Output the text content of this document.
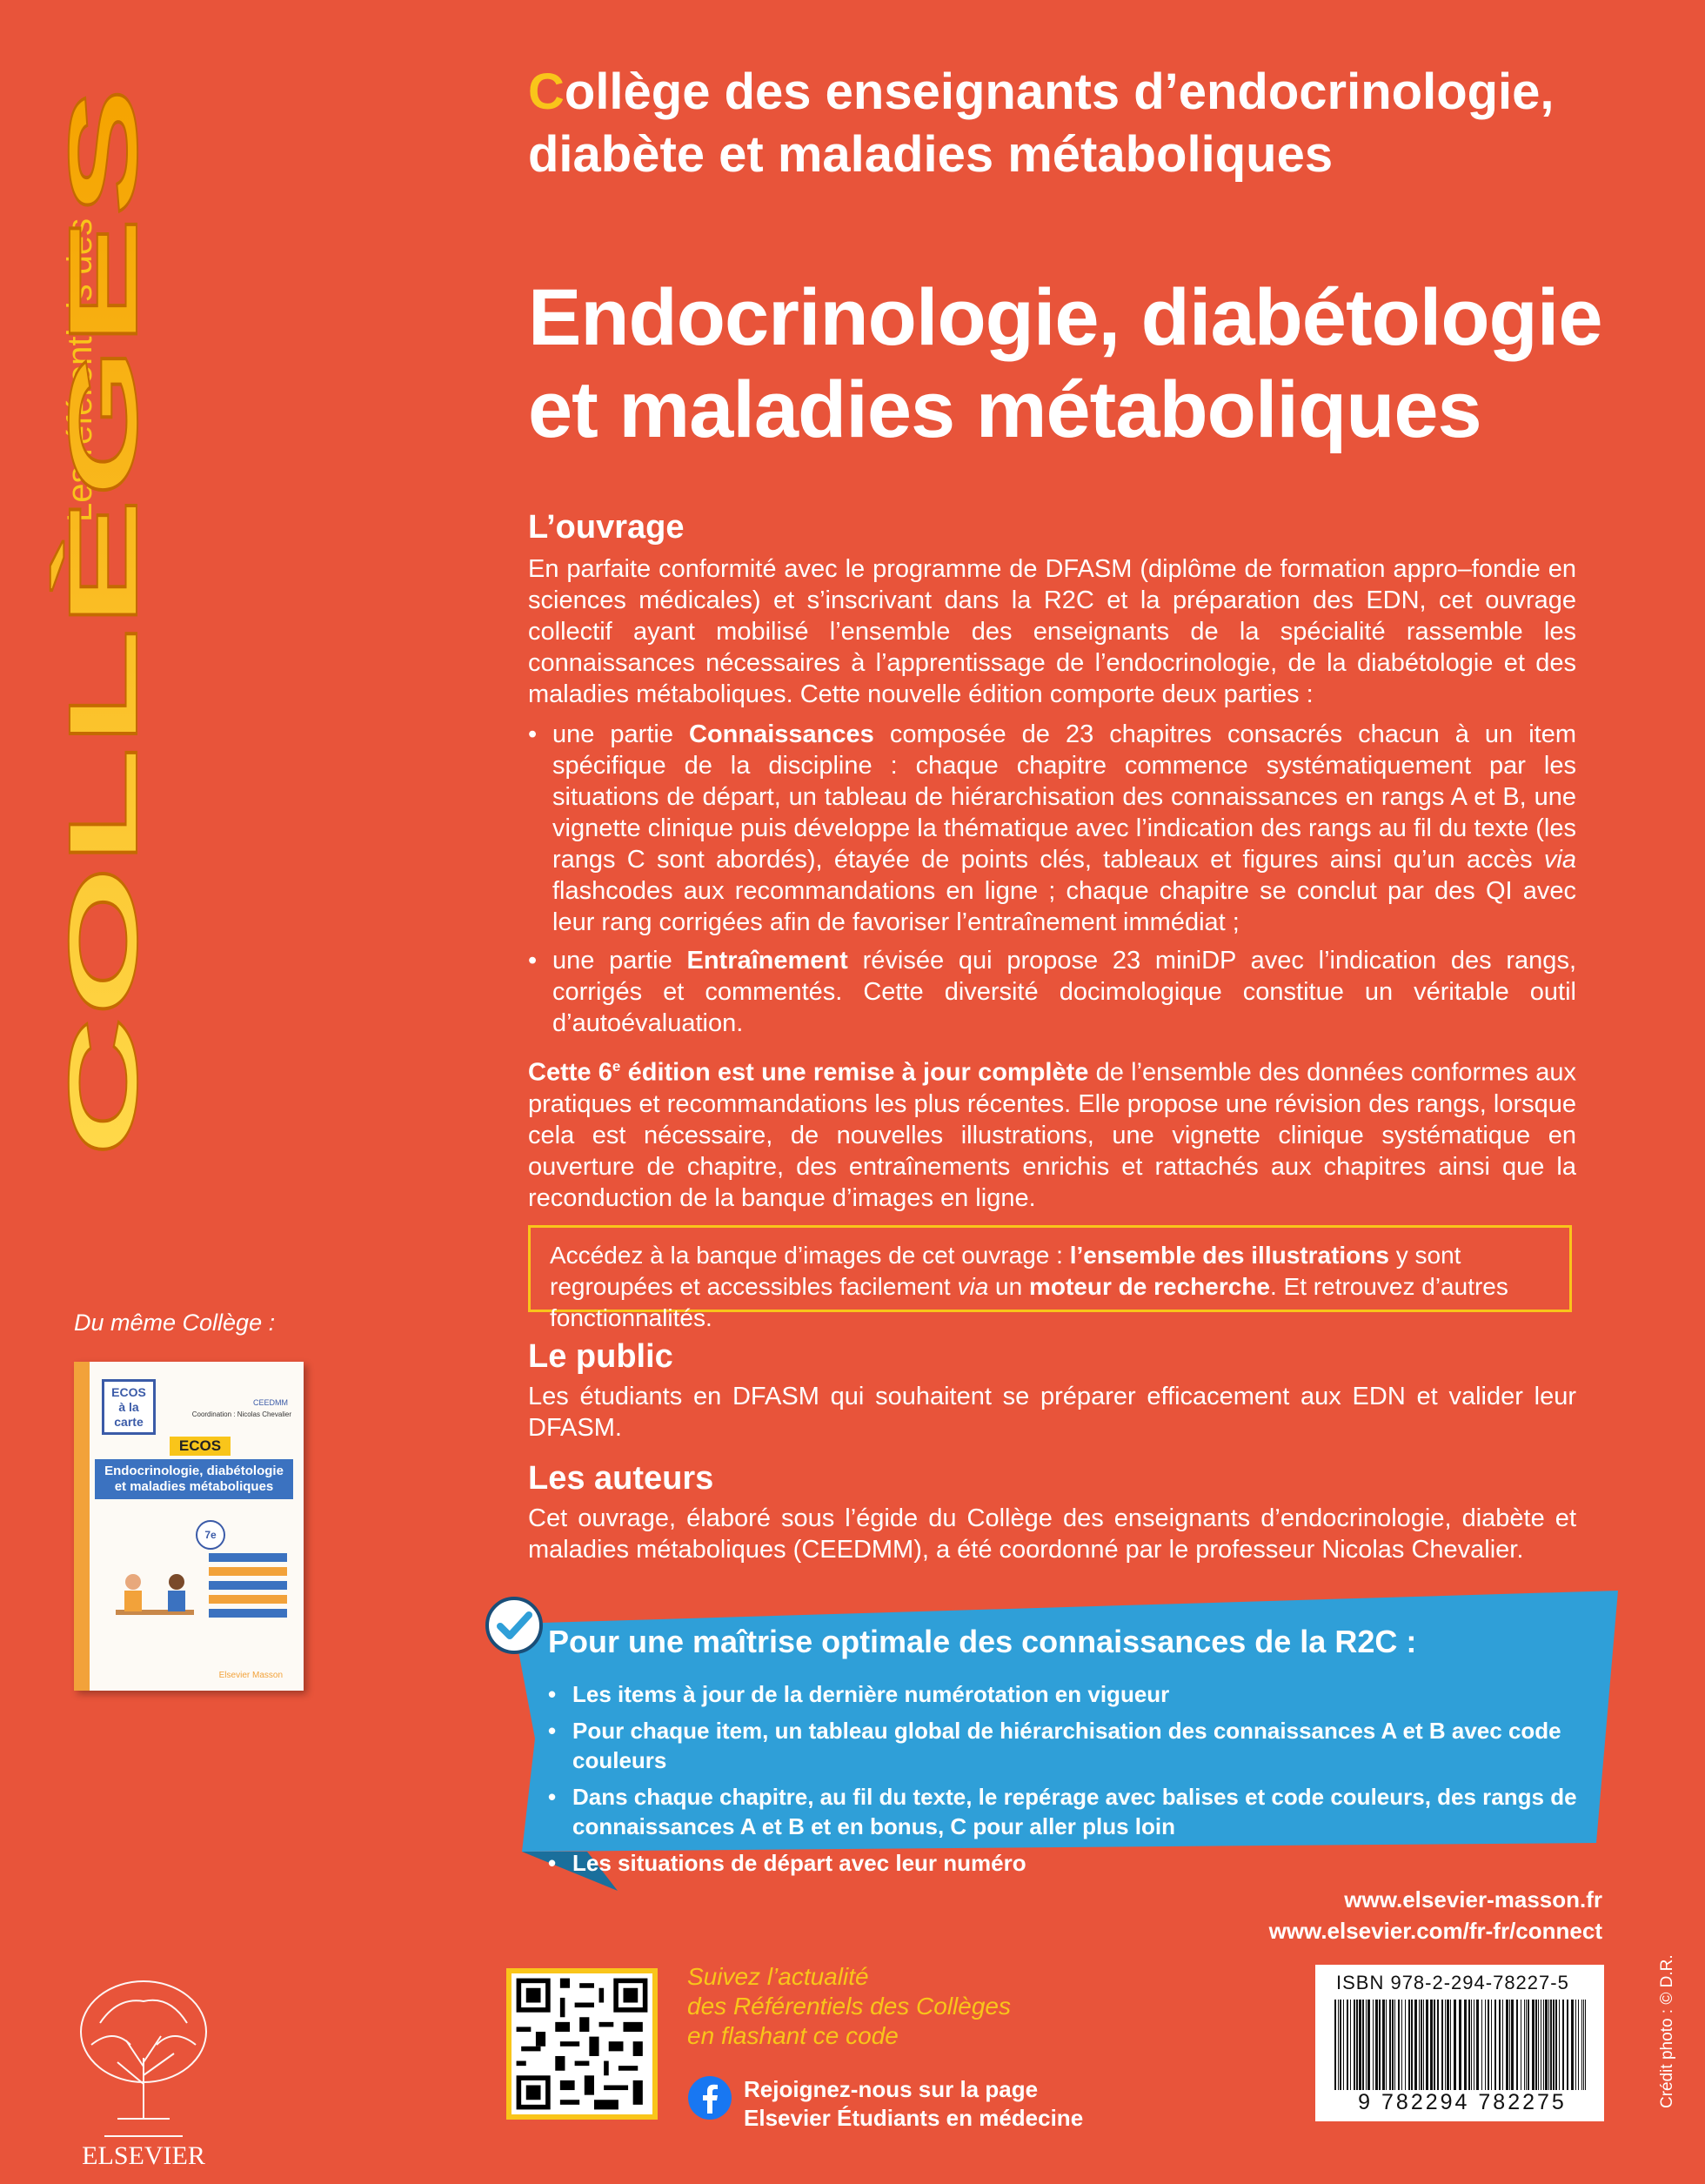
Les référentiels des
COLLÈGES
Collège des enseignants d’endocrinologie,
diabète et maladies métaboliques
Endocrinologie, diabétologie
et maladies métaboliques
L’ouvrage
En parfaite conformité avec le programme de DFASM (diplôme de formation appro–fondie en sciences médicales) et s’inscrivant dans la R2C et la préparation des EDN, cet ouvrage collectif ayant mobilisé l’ensemble des enseignants de la spécialité rassemble les connaissances nécessaires à l’apprentissage de l’endocrinologie, de la diabétologie et des maladies métaboliques. Cette nouvelle édition comporte deux parties :
• une partie Connaissances composée de 23 chapitres consacrés chacun à un item spécifique de la discipline : chaque chapitre commence systématiquement par les situations de départ, un tableau de hiérarchisation des connaissances en rangs A et B, une vignette clinique puis développe la thématique avec l’indication des rangs au fil du texte (les rangs C sont abordés), étayée de points clés, tableaux et figures ainsi qu’un accès via flashcodes aux recommandations en ligne ; chaque chapitre se conclut par des QI avec leur rang corrigées afin de favoriser l’entraînement immédiat ;
• une partie Entraînement révisée qui propose 23 miniDP avec l’indication des rangs, corrigés et commentés. Cette diversité docimologique constitue un véritable outil d’autoévaluation.
Cette 6e édition est une remise à jour complète de l’ensemble des données conformes aux pratiques et recommandations les plus récentes. Elle propose une révision des rangs, lorsque cela est nécessaire, de nouvelles illustrations, une vignette clinique systématique en ouverture de chapitre, des entraînements enrichis et rattachés aux chapitres ainsi que la reconduction de la banque d’images en ligne.
Accédez à la banque d’images de cet ouvrage : l’ensemble des illustrations y sont regroupées et accessibles facilement via un moteur de recherche. Et retrouvez d’autres fonctionnalités.
Le public
Les étudiants en DFASM qui souhaitent se préparer efficacement aux EDN et valider leur DFASM.
Les auteurs
Cet ouvrage, élaboré sous l’égide du Collège des enseignants d’endocrinologie, diabète et maladies métaboliques (CEEDMM), a été coordonné par le professeur Nicolas Chevalier.
Pour une maîtrise optimale des connaissances de la R2C :
• Les items à jour de la dernière numérotation en vigueur
• Pour chaque item, un tableau global de hiérarchisation des connaissances A et B avec code couleurs
• Dans chaque chapitre, au fil du texte, le repérage avec balises et code couleurs, des rangs de connaissances A et B et en bonus, C pour aller plus loin
• Les situations de départ avec leur numéro
Du même Collège :
ECOS
à la
carte
CEEDMM
Coordination : Nicolas Chevalier
ECOS
Endocrinologie, diabétologie et maladies métaboliques
7e
Elsevier Masson
ELSEVIER
www.elsevier-masson.fr
www.elsevier.com/fr-fr/connect
Suivez l’actualité
des Référentiels des Collèges
en flashant ce code
Rejoignez-nous sur la page
Elsevier Étudiants en médecine
ISBN 978-2-294-78227-5
9 782294 782275	Crédit photo : © D.R.
